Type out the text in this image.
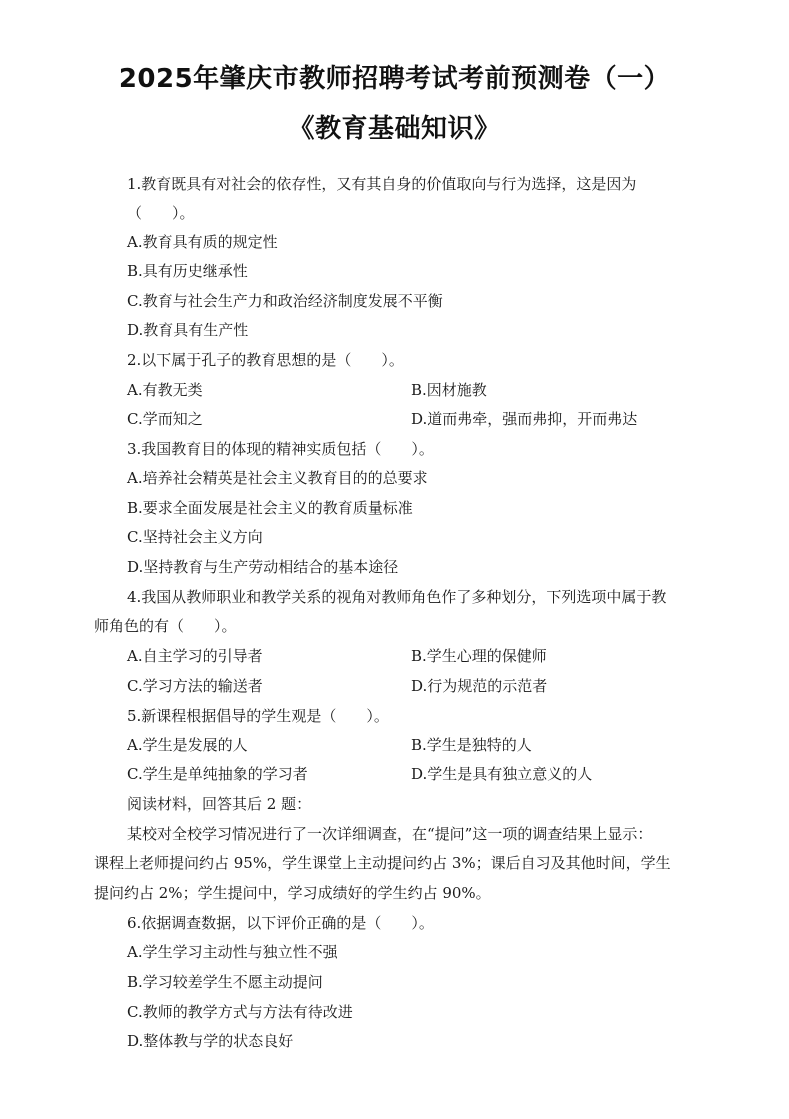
2025年肇庆市教师招聘考试考前预测卷（一）
《教育基础知识》
1.教育既具有对社会的依存性，又有其自身的价值取向与行为选择，这是因为
（　　）。
A.教育具有质的规定性
B.具有历史继承性
C.教育与社会生产力和政治经济制度发展不平衡
D.教育具有生产性
2.以下属于孔子的教育思想的是（　　）。
A.有教无类	B.因材施教
C.学而知之	D.道而弗牵，强而弗抑，开而弗达
3.我国教育目的体现的精神实质包括（　　）。
A.培养社会精英是社会主义教育目的的总要求
B.要求全面发展是社会主义的教育质量标准
C.坚持社会主义方向
D.坚持教育与生产劳动相结合的基本途径
4.我国从教师职业和教学关系的视角对教师角色作了多种划分，下列选项中属于教
师角色的有（　　）。
A.自主学习的引导者	B.学生心理的保健师
C.学习方法的输送者	D.行为规范的示范者
5.新课程根据倡导的学生观是（　　）。
A.学生是发展的人	B.学生是独特的人
C.学生是单纯抽象的学习者	D.学生是具有独立意义的人
阅读材料，回答其后 2 题：
某校对全校学习情况进行了一次详细调查，在“提问”这一项的调查结果上显示：
课程上老师提问约占 95%，学生课堂上主动提问约占 3%；课后自习及其他时间，学生
提问约占 2%；学生提问中，学习成绩好的学生约占 90%。
6.依据调查数据，以下评价正确的是（　　）。
A.学生学习主动性与独立性不强
B.学习较差学生不愿主动提问
C.教师的教学方式与方法有待改进
D.整体教与学的状态良好
